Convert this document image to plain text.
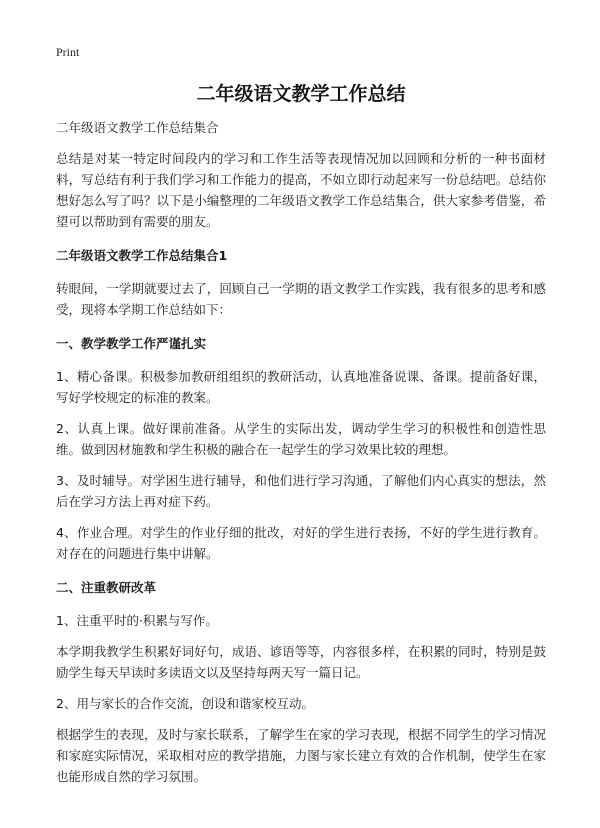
Print
二年级语文教学工作总结
二年级语文教学工作总结集合
总结是对某一特定时间段内的学习和工作生活等表现情况加以回顾和分析的一种书面材料，写总结有利于我们学习和工作能力的提高，不如立即行动起来写一份总结吧。总结你想好怎么写了吗？以下是小编整理的二年级语文教学工作总结集合，供大家参考借鉴，希望可以帮助到有需要的朋友。
二年级语文教学工作总结集合1
转眼间，一学期就要过去了，回顾自己一学期的语文教学工作实践，我有很多的思考和感受，现将本学期工作总结如下：
一、教学教学工作严谨扎实
1、精心备课。积极参加教研组组织的教研活动，认真地准备说课、备课。提前备好课，写好学校规定的标准的教案。
2、认真上课。做好课前准备。从学生的实际出发，调动学生学习的积极性和创造性思维。做到因材施教和学生积极的融合在一起学生的学习效果比较的理想。
3、及时辅导。对学困生进行辅导，和他们进行学习沟通，了解他们内心真实的想法，然后在学习方法上再对症下药。
4、作业合理。对学生的作业仔细的批改，对好的学生进行表扬，不好的学生进行教育。对存在的问题进行集中讲解。
二、注重教研改革
1、注重平时的·积累与写作。
本学期我教学生积累好词好句，成语、谚语等等，内容很多样，在积累的同时，特别是鼓励学生每天早读时多读语文以及坚持每两天写一篇日记。
2、用与家长的合作交流，创设和谐家校互动。
根据学生的表现，及时与家长联系，了解学生在家的学习表现，根据不同学生的学习情况和家庭实际情况，采取相对应的教学措施，力图与家长建立有效的合作机制，使学生在家也能形成自然的学习氛围。
